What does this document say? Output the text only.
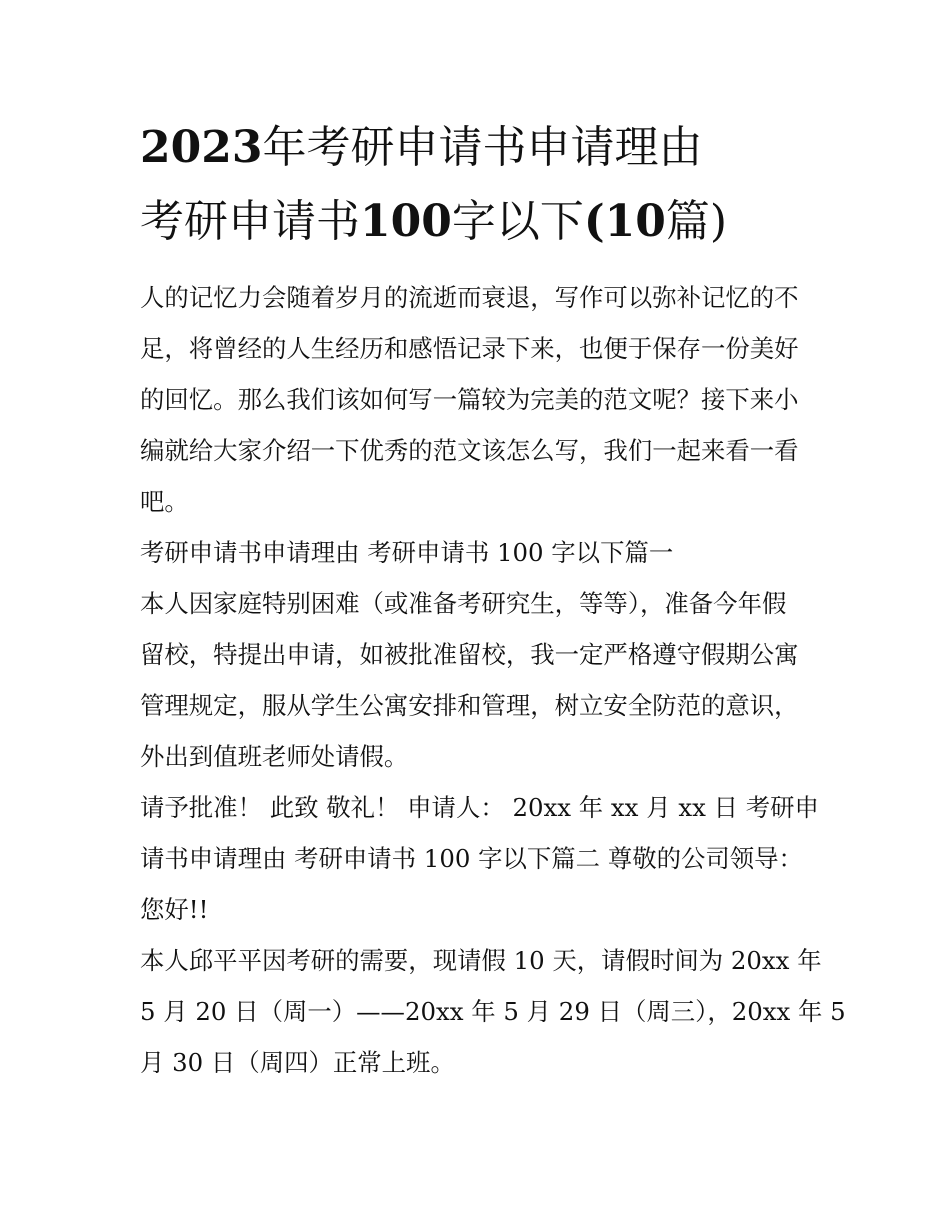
2023年考研申请书申请理由
考研申请书100字以下(10篇)
人的记忆力会随着岁月的流逝而衰退，写作可以弥补记忆的不
足，将曾经的人生经历和感悟记录下来，也便于保存一份美好
的回忆。那么我们该如何写一篇较为完美的范文呢？接下来小
编就给大家介绍一下优秀的范文该怎么写，我们一起来看一看
吧。
考研申请书申请理由 考研申请书 100 字以下篇一
本人因家庭特别困难（或准备考研究生，等等），准备今年假
留校，特提出申请，如被批准留校，我一定严格遵守假期公寓
管理规定，服从学生公寓安排和管理，树立安全防范的意识，
外出到值班老师处请假。
请予批准！ 此致 敬礼！ 申请人： 20xx 年 xx 月 xx 日 考研申
请书申请理由 考研申请书 100 字以下篇二 尊敬的公司领导：
您好!!
本人邱平平因考研的需要，现请假 10 天，请假时间为 20xx 年
5 月 20 日（周一）——20xx 年 5 月 29 日（周三），20xx 年 5
月 30 日（周四）正常上班。
